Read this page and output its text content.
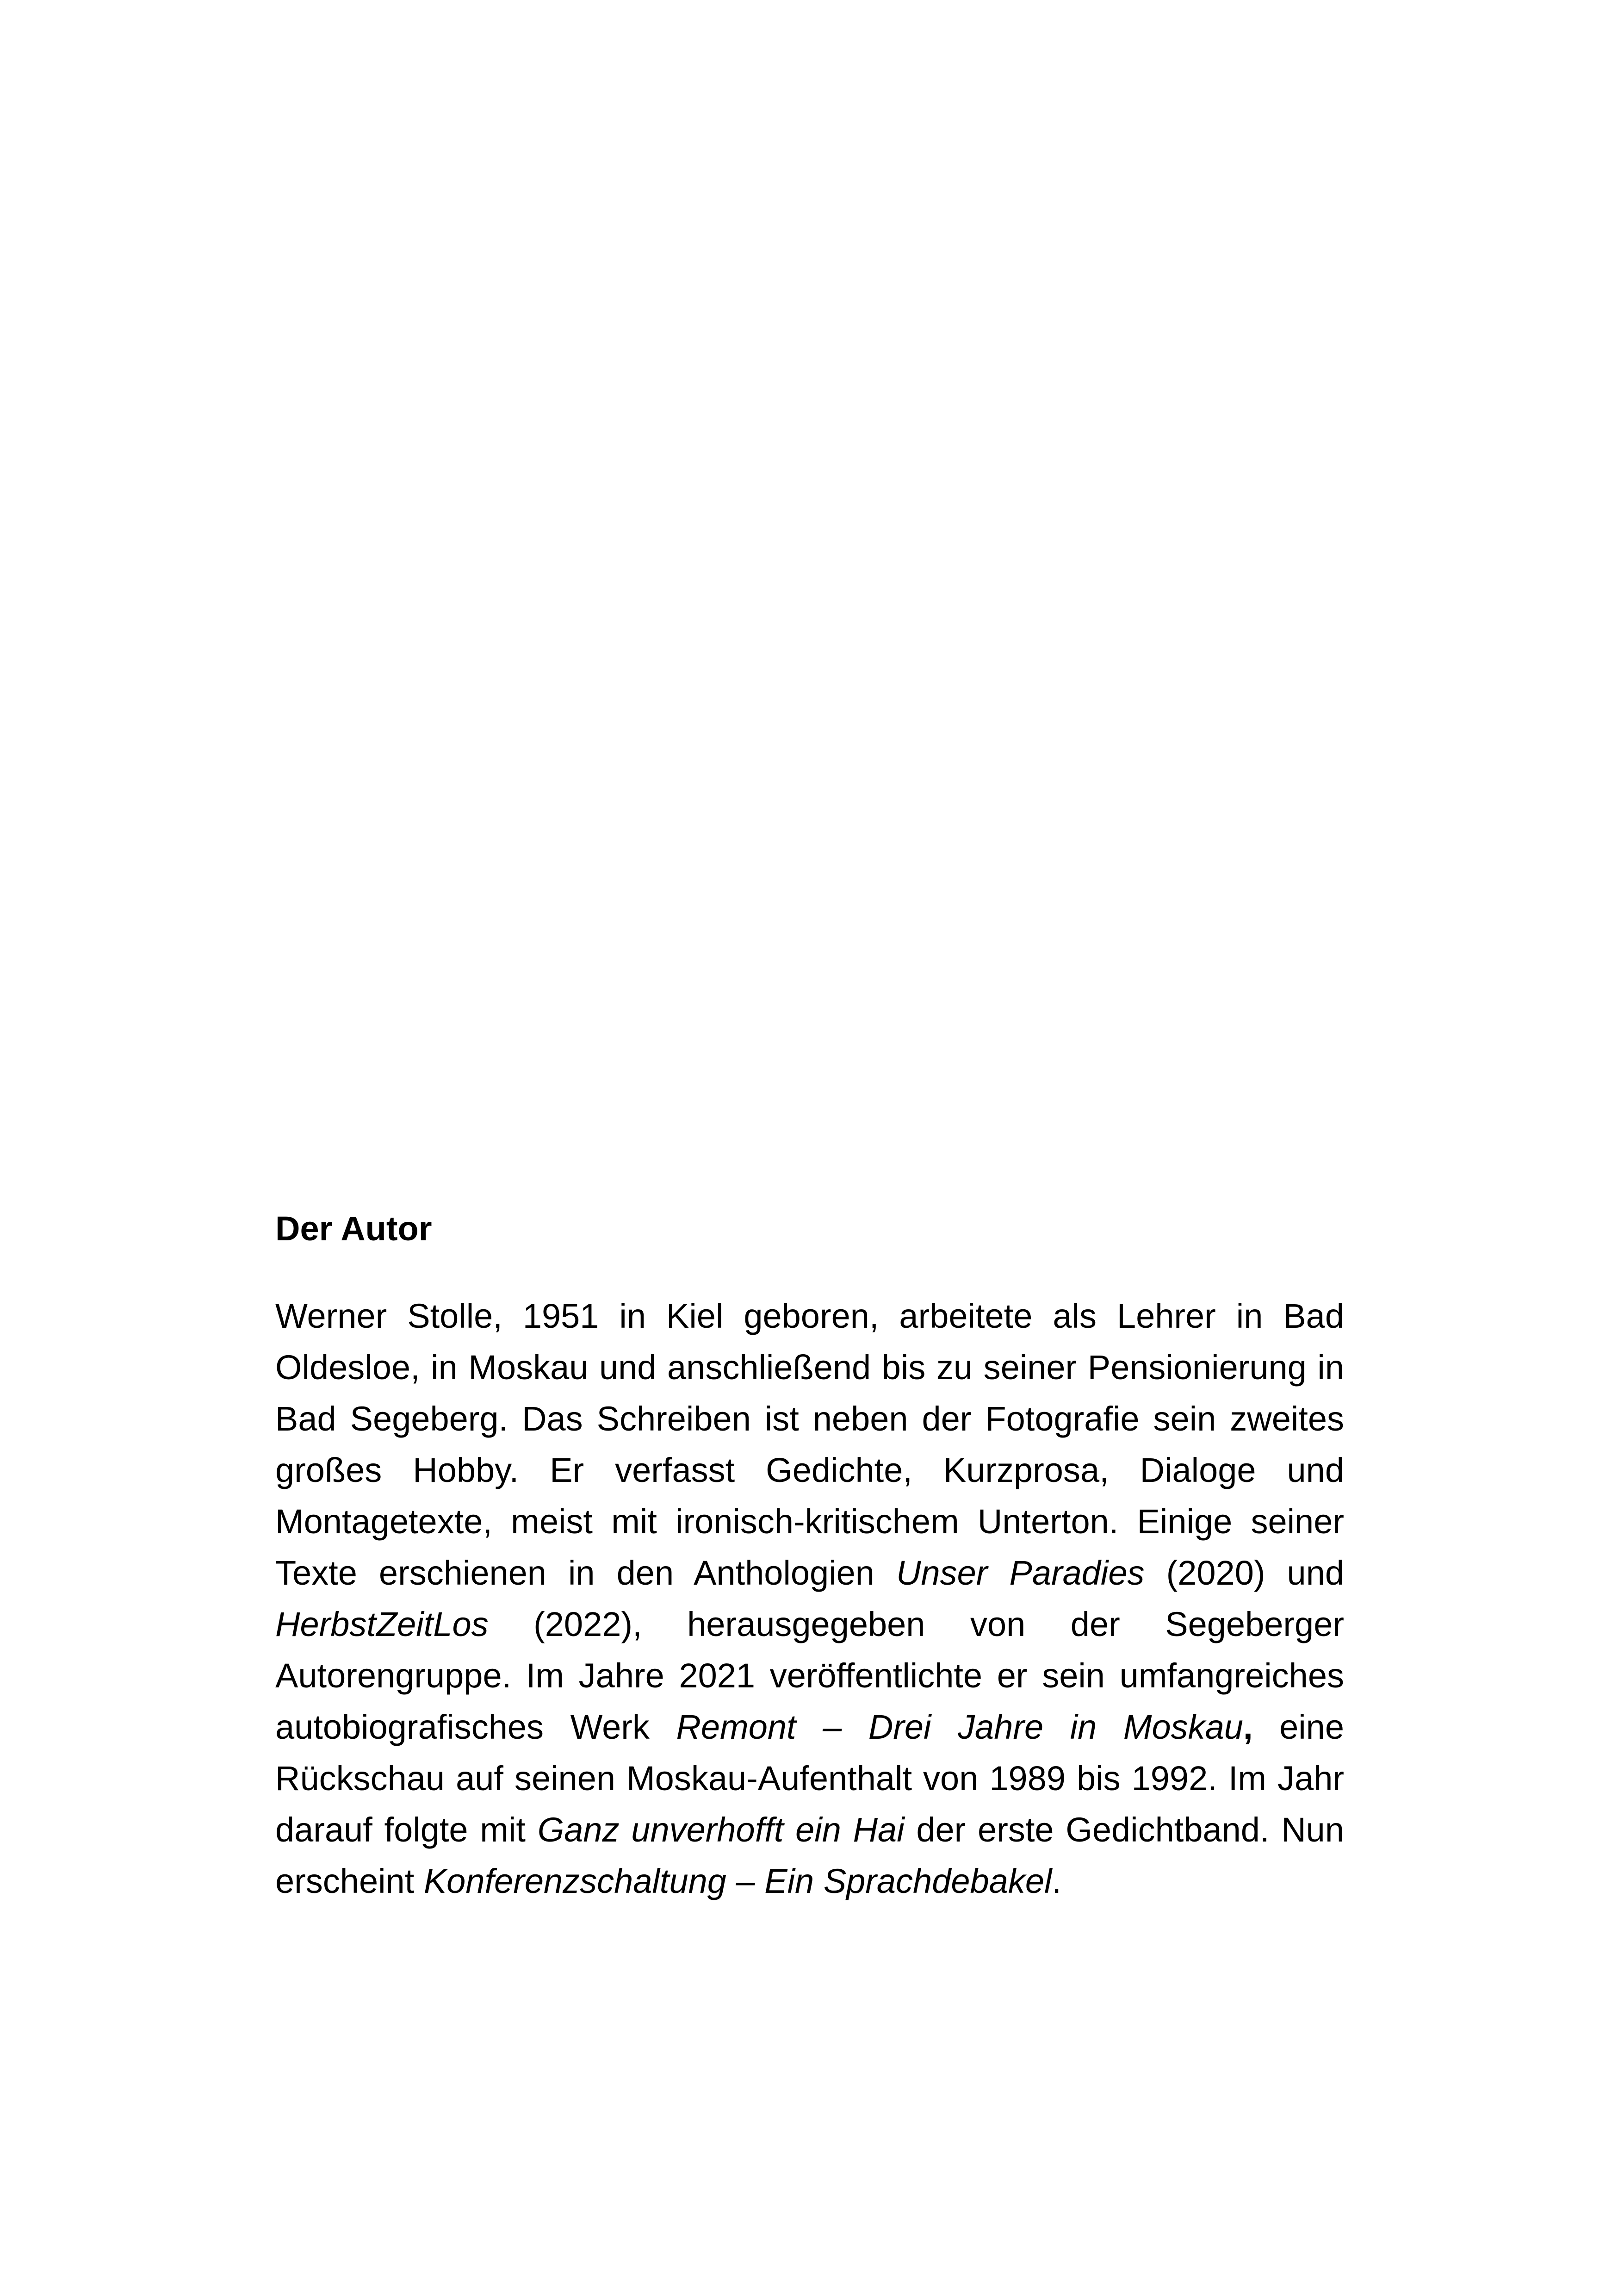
Der Autor

Werner Stolle, 1951 in Kiel geboren, arbeitete als Lehrer in Bad Oldesloe, in Moskau und anschließend bis zu seiner Pensionierung in Bad Segeberg. Das Schreiben ist neben der Fotografie sein zweites großes Hobby. Er verfasst Gedichte, Kurzprosa, Dialoge und Montagetexte, meist mit ironisch-kritischem Unterton. Einige seiner Texte erschienen in den Anthologien Unser Paradies (2020) und HerbstZeitLos (2022), herausgegeben von der Segeberger Autorengruppe. Im Jahre 2021 veröffentlichte er sein umfangreiches autobiografisches Werk Remont – Drei Jahre in Moskau, eine Rückschau auf seinen Moskau-Aufenthalt von 1989 bis 1992. Im Jahr darauf folgte mit Ganz unverhofft ein Hai der erste Gedichtband. Nun erscheint Konferenzschaltung – Ein Sprachdebakel.
